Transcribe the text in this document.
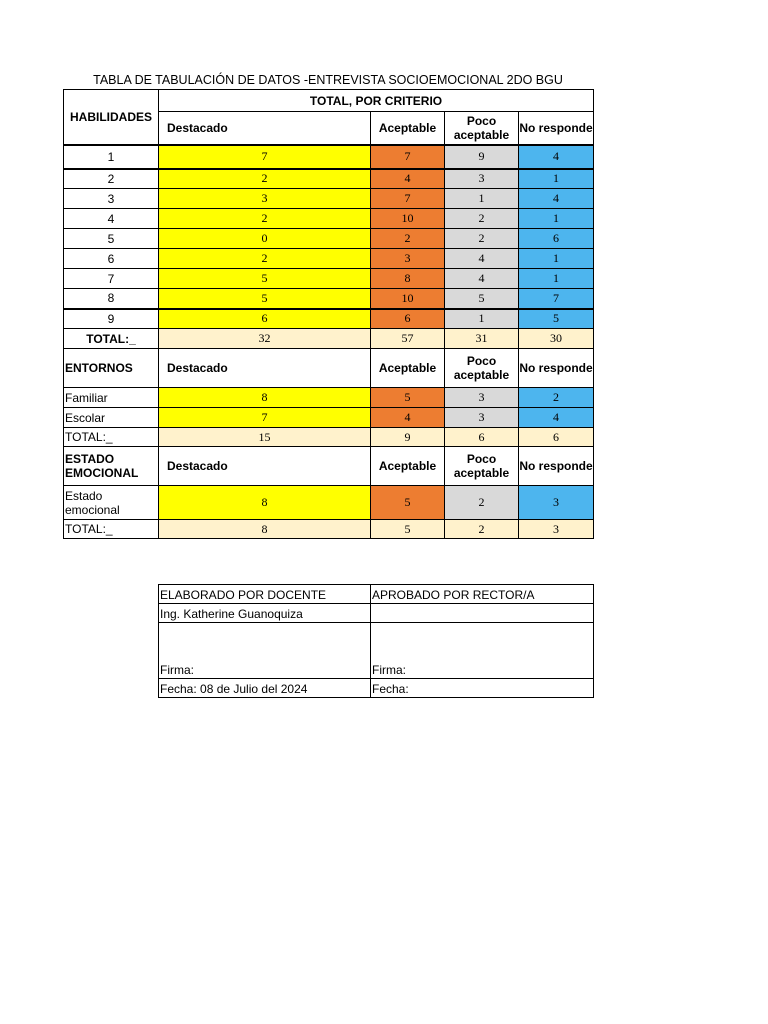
TABLA DE TABULACIÓN DE DATOS -ENTREVISTA SOCIOEMOCIONAL 2DO BGU
HABILIDADES	TOTAL, POR CRITERIO			
	Destacado	Aceptable	Poco aceptable	No responde
1	7	7	9	4
2	2	4	3	1
3	3	7	1	4
4	2	10	2	1
5	0	2	2	6
6	2	3	4	1
7	5	8	4	1
8	5	10	5	7
9	6	6	1	5
TOTAL:_	32	57	31	30
ENTORNOS	Destacado	Aceptable	Poco aceptable	No responde
Familiar	8	5	3	2
Escolar	7	4	3	4
TOTAL:_	15	9	6	6
ESTADO EMOCIONAL	Destacado	Aceptable	Poco aceptable	No responde
Estado emocional	8	5	2	3
TOTAL:_	8	5	2	3
ELABORADO POR DOCENTE	APROBADO POR RECTOR/A
Ing. Katherine Guanoquiza	
Firma:	Firma:
Fecha: 08 de Julio del 2024	Fecha:
